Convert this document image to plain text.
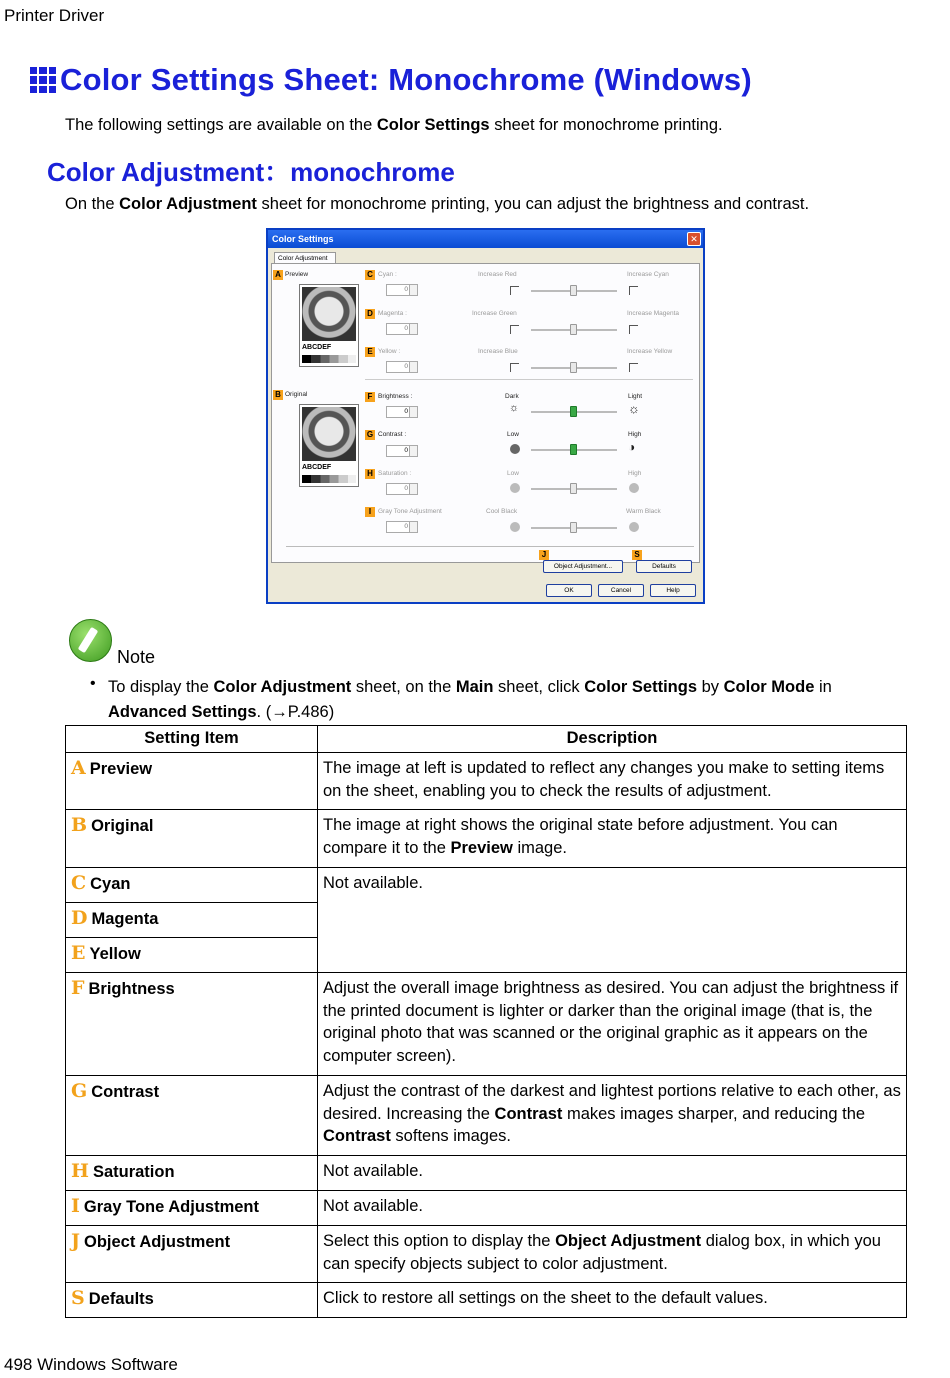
Printer Driver
Color Settings Sheet: Monochrome (Windows)
The following settings are available on the Color Settings sheet for monochrome printing.
Color Adjustment：monochrome
On the Color Adjustment sheet for monochrome printing, you can adjust the brightness and contrast.
Color Settings	✕
Color Adjustment
A Preview
ABCDEF
B Original
ABCDEF
C Cyan :
0
Increase Red	Increase Cyan
D Magenta :
0
Increase Green	Increase Magenta
E Yellow :
0
Increase Blue	Increase Yellow
F Brightness :
0
Dark	Light
☼	☼
G Contrast :
0
Low	High
◑
H Saturation :
0
Low	High
I	Gray Tone Adjustment
0
Cool Black	Warm Black
J
Object Adjustment...
S
Defaults
OK	Cancel	Help
Note
• To display the Color Adjustment sheet, on the Main sheet, click Color Settings by Color Mode in Advanced Settings. (→P.486)
Setting Item	Description
A Preview	The image at left is updated to reflect any changes you make to setting items on the sheet, enabling you to check the results of adjustment.
B Original	The image at right shows the original state before adjustment. You can compare it to the Preview image.
C Cyan	Not available.
D Magenta	
E Yellow	
F Brightness	Adjust the overall image brightness as desired. You can adjust the brightness if the printed document is lighter or darker than the original image (that is, the original photo that was scanned or the original graphic as it appears on the computer screen).
G Contrast	Adjust the contrast of the darkest and lightest portions relative to each other, as desired. Increasing the Contrast makes images sharper, and reducing the Contrast softens images.
H Saturation	Not available.
I Gray Tone Adjustment	Not available.
J Object Adjustment	Select this option to display the Object Adjustment dialog box, in which you can specify objects subject to color adjustment.
S Defaults	Click to restore all settings on the sheet to the default values.
498 Windows Software
